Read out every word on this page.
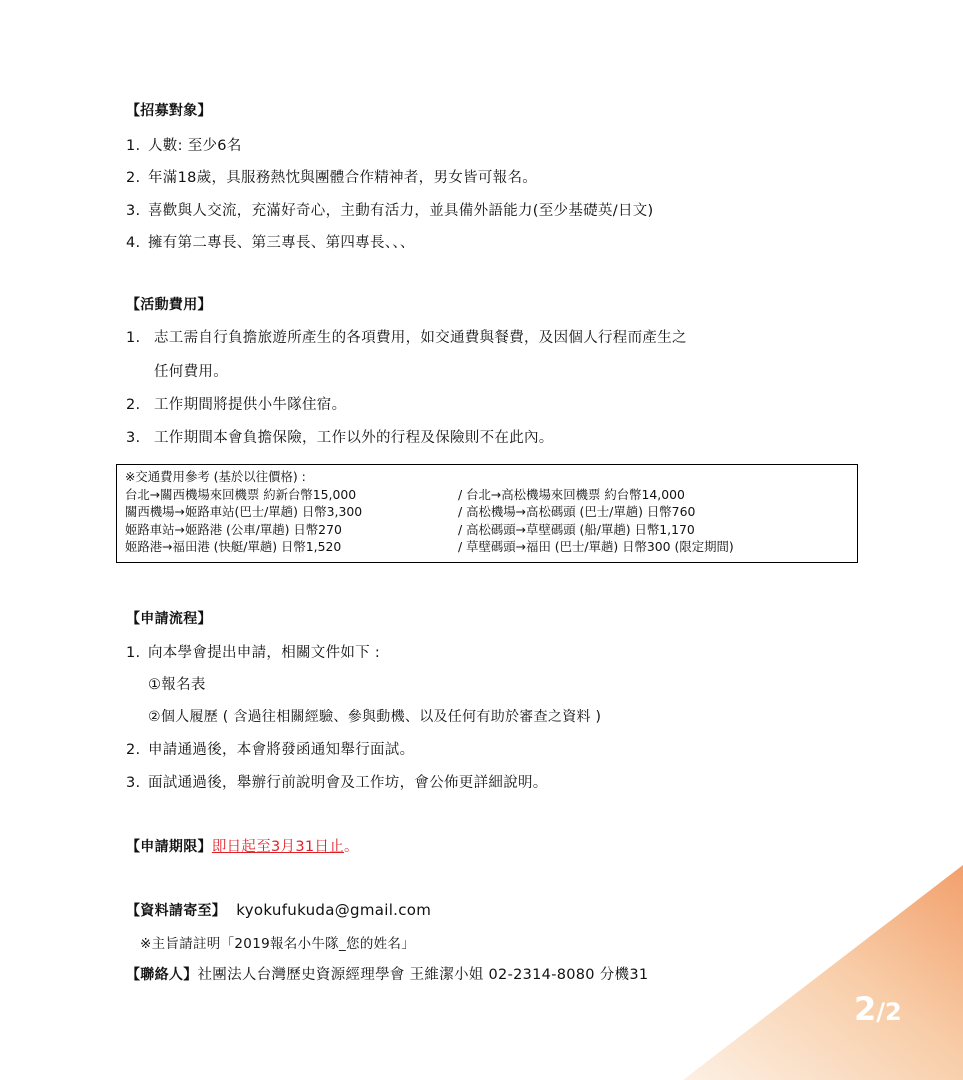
【招募對象】
1. 人數: 至少6名
2. 年滿18歲，具服務熱忱與團體合作精神者，男女皆可報名。
3. 喜歡與人交流，充滿好奇心，主動有活力，並具備外語能力(至少基礎英/日文)
4. 擁有第二專長、第三專長、第四專長、、、
【活動費用】
1. 志工需自行負擔旅遊所產生的各項費用，如交通費與餐費，及因個人行程而產生之
任何費用。
2. 工作期間將提供小牛隊住宿。
3. 工作期間本會負擔保險，工作以外的行程及保險則不在此內。
※交通費用參考 (基於以往價格) :
台北→關西機場來回機票 約新台幣15,000	/ 台北→高松機場來回機票 約台幣14,000
關西機場→姬路車站(巴士/單趟) 日幣3,300	/ 高松機場→高松碼頭 (巴士/單趟) 日幣760
姬路車站→姬路港 (公車/單趟) 日幣270	/ 高松碼頭→草壁碼頭 (船/單趟) 日幣1,170
姬路港→福田港 (快艇/單趟) 日幣1,520	/ 草壁碼頭→福田 (巴士/單趟) 日幣300 (限定期間)
【申請流程】
1. 向本學會提出申請，相關文件如下 :
①報名表
②個人履歷 ( 含過往相關經驗、參與動機、以及任何有助於審查之資料 )
2. 申請通過後，本會將發函通知舉行面試。
3. 面試通過後，舉辦行前說明會及工作坊，會公佈更詳細說明。
【申請期限】即日起至3月31日止。
【資料請寄至】 kyokufukuda@gmail.com
※主旨請註明「2019報名小牛隊_您的姓名」
【聯絡人】社團法人台灣歷史資源經理學會 王維潔小姐 02-2314-8080 分機31
2/2
